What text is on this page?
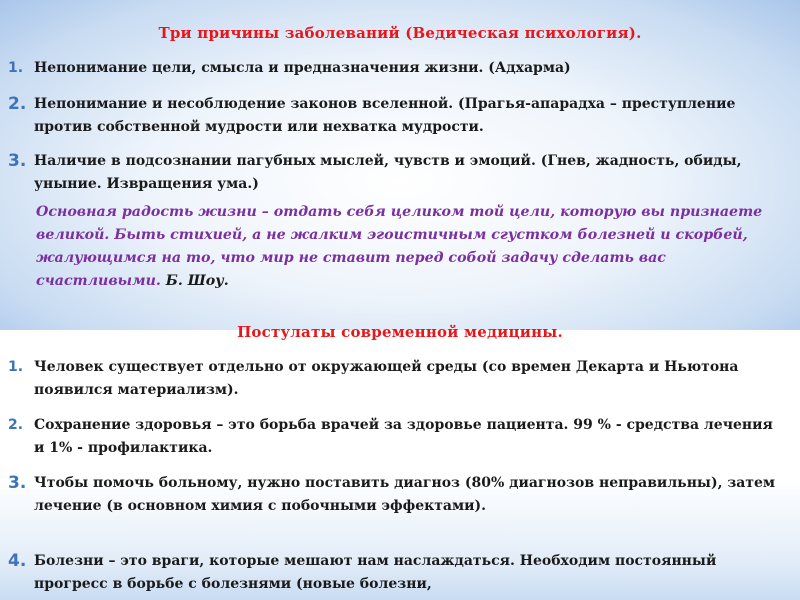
Три причины заболеваний (Ведическая психология).
1. Непонимание цели, смысла и предназначения жизни. (Адхарма)
2. Непонимание и несоблюдение законов вселенной. (Прагья-апарадха – преступление против собственной мудрости или нехватка мудрости.
3. Наличие в подсознании пагубных мыслей, чувств и эмоций. (Гнев, жадность, обиды, уныние. Извращения ума.)
Основная радость жизни – отдать себя целиком той цели, которую вы признаете великой. Быть стихией, а не жалким эгоистичным сгустком болезней и скорбей, жалующимся на то, что мир не ставит перед собой задачу сделать вас счастливыми. Б. Шоу.
Постулаты современной медицины.
1. Человек существует отдельно от окружающей среды (со времен Декарта и Ньютона появился материализм).
2. Сохранение здоровья – это борьба врачей за здоровье пациента. 99 % - средства лечения и 1% - профилактика.
3. Чтобы помочь больному, нужно поставить диагноз (80% диагнозов неправильны), затем лечение (в основном химия с побочными эффектами).
4. Болезни – это враги, которые мешают нам наслаждаться. Необходим постоянный прогресс в борьбе с болезнями (новые болезни,
